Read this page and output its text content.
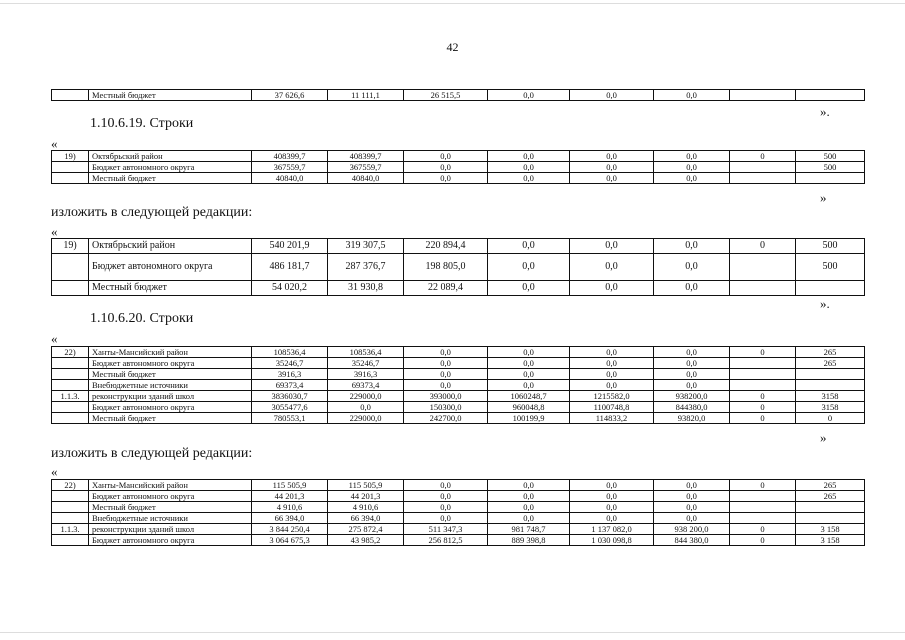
42
	Местный бюджет	37 626,6	11 111,1	26 515,5	0,0	0,0	0,0		
».
1.10.6.19. Строки
«
19)	Октябрьский район	408399,7	408399,7	0,0	0,0	0,0	0,0	0	500
	Бюджет автономного округа	367559,7	367559,7	0,0	0,0	0,0	0,0		500
	Местный бюджет	40840,0	40840,0	0,0	0,0	0,0	0,0		
»
изложить в следующей редакции:
«
19)	Октябрьский район	540 201,9	319 307,5	220 894,4	0,0	0,0	0,0	0	500
	Бюджет автономного округа	486 181,7	287 376,7	198 805,0	0,0	0,0	0,0		500
	Местный бюджет	54 020,2	31 930,8	22 089,4	0,0	0,0	0,0		
».
1.10.6.20. Строки
«
22)	Ханты-Мансийский район	108536,4	108536,4	0,0	0,0	0,0	0,0	0	265
	Бюджет автономного округа	35246,7	35246,7	0,0	0,0	0,0	0,0		265
	Местный бюджет	3916,3	3916,3	0,0	0,0	0,0	0,0		
	Внебюджетные источники	69373,4	69373,4	0,0	0,0	0,0	0,0		
1.1.3.	реконструкции зданий школ	3836030,7	229000,0	393000,0	1060248,7	1215582,0	938200,0	0	3158
	Бюджет автономного округа	3055477,6	0,0	150300,0	960048,8	1100748,8	844380,0	0	3158
	Местный бюджет	780553,1	229000,0	242700,0	100199,9	114833,2	93820,0	0	0
»
изложить в следующей редакции:
«
22)	Ханты-Мансийский район	115 505,9	115 505,9	0,0	0,0	0,0	0,0	0	265
	Бюджет автономного округа	44 201,3	44 201,3	0,0	0,0	0,0	0,0		265
	Местный бюджет	4 910,6	4 910,6	0,0	0,0	0,0	0,0		
	Внебюджетные источники	66 394,0	66 394,0	0,0	0,0	0,0	0,0		
1.1.3.	реконструкции зданий школ	3 844 250,4	275 872,4	511 347,3	981 748,7	1 137 082,0	938 200,0	0	3 158
	Бюджет автономного округа	3 064 675,3	43 985,2	256 812,5	889 398,8	1 030 098,8	844 380,0	0	3 158
